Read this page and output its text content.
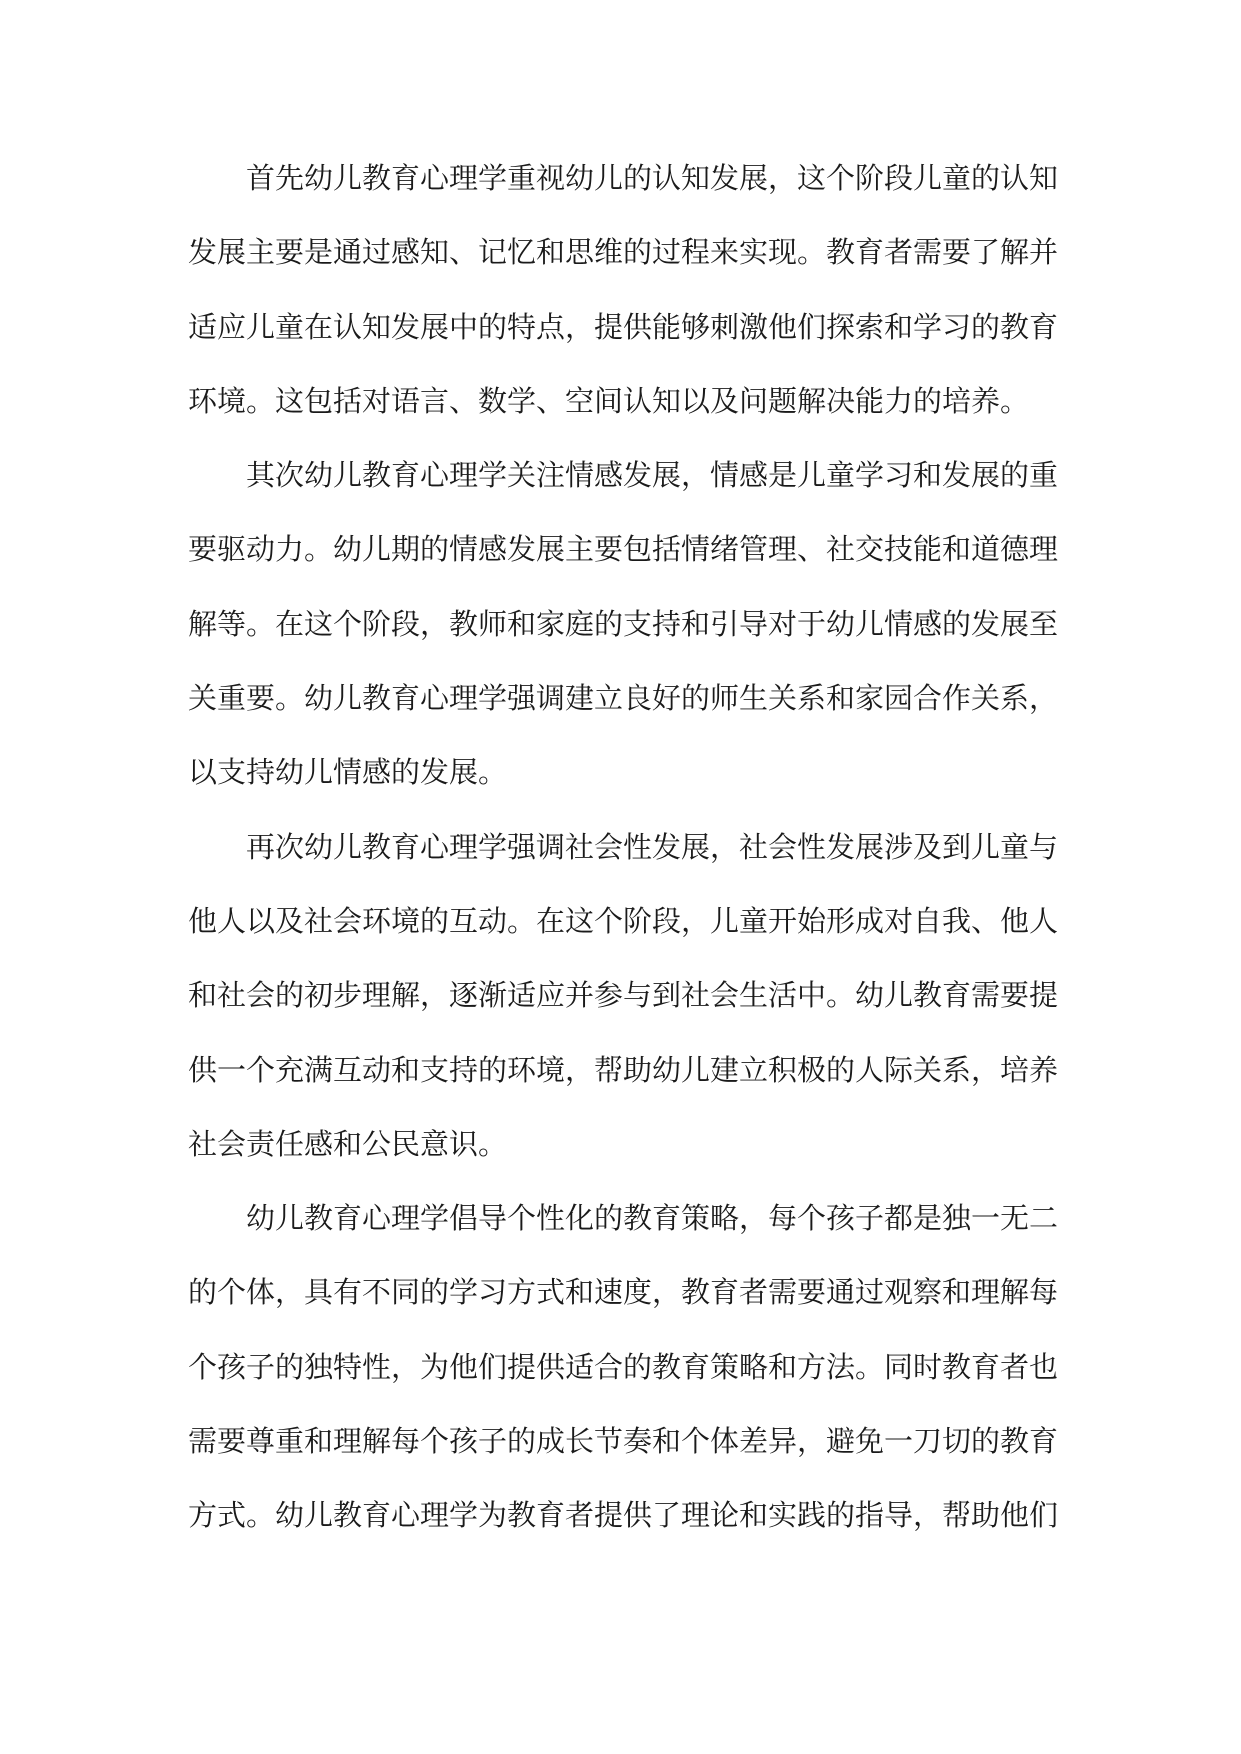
首先幼儿教育心理学重视幼儿的认知发展，这个阶段儿童的认知
发展主要是通过感知、记忆和思维的过程来实现。教育者需要了解并
适应儿童在认知发展中的特点，提供能够刺激他们探索和学习的教育
环境。这包括对语言、数学、空间认知以及问题解决能力的培养。
其次幼儿教育心理学关注情感发展，情感是儿童学习和发展的重
要驱动力。幼儿期的情感发展主要包括情绪管理、社交技能和道德理
解等。在这个阶段，教师和家庭的支持和引导对于幼儿情感的发展至
关重要。幼儿教育心理学强调建立良好的师生关系和家园合作关系，
以支持幼儿情感的发展。
再次幼儿教育心理学强调社会性发展，社会性发展涉及到儿童与
他人以及社会环境的互动。在这个阶段，儿童开始形成对自我、他人
和社会的初步理解，逐渐适应并参与到社会生活中。幼儿教育需要提
供一个充满互动和支持的环境，帮助幼儿建立积极的人际关系，培养
社会责任感和公民意识。
幼儿教育心理学倡导个性化的教育策略，每个孩子都是独一无二
的个体，具有不同的学习方式和速度，教育者需要通过观察和理解每
个孩子的独特性，为他们提供适合的教育策略和方法。同时教育者也
需要尊重和理解每个孩子的成长节奏和个体差异，避免一刀切的教育
方式。幼儿教育心理学为教育者提供了理论和实践的指导，帮助他们
